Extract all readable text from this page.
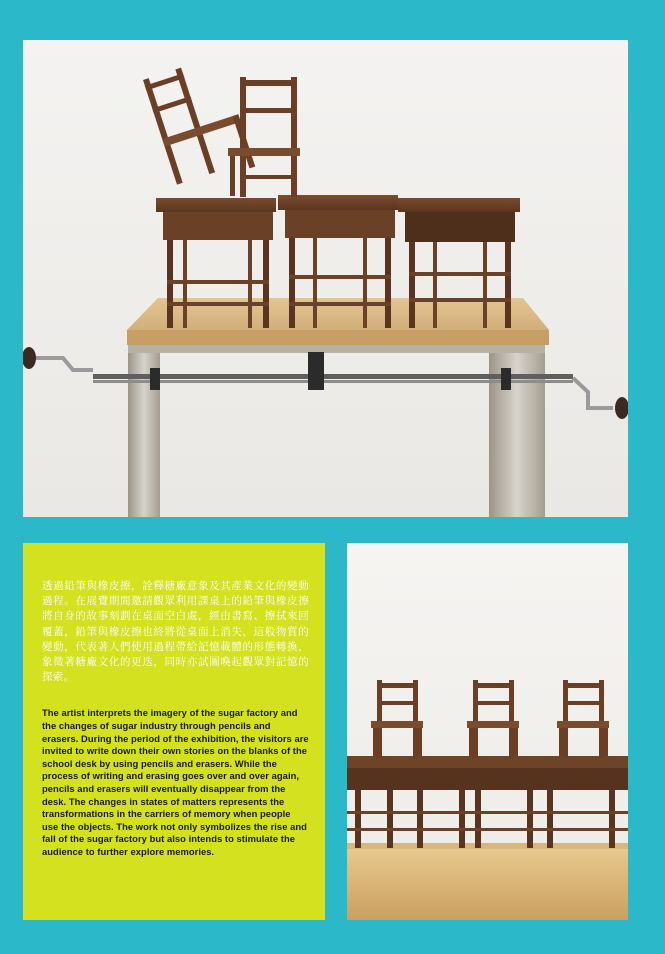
透過鉛筆與橡皮擦，詮釋糖廠意象及其產業文化的變動過程。在展覽期間邀請觀眾利用課桌上的鉛筆與橡皮擦將自身的故事刻劃在桌面空白處，經由書寫、擦拭來回覆蓋，鉛筆與橡皮擦也終將從桌面上消失，這般物質的變動，代表著人們使用過程帶給記憶載體的形態轉換，象徵著糖廠文化的更迭，同時亦試圖喚起觀眾對記憶的探索。

The artist interprets the imagery of the sugar factory and the changes of sugar industry through pencils and erasers. During the period of the exhibition, the visitors are invited to write down their own stories on the blanks of the school desk by using pencils and erasers. While the process of writing and erasing goes over and over again, pencils and erasers will eventually disappear from the desk. The changes in states of matters represents the transformations in the carriers of memory when people use the objects. The work not only symbolizes the rise and fall of the sugar factory but also intends to stimulate the audience to further explore memories.
